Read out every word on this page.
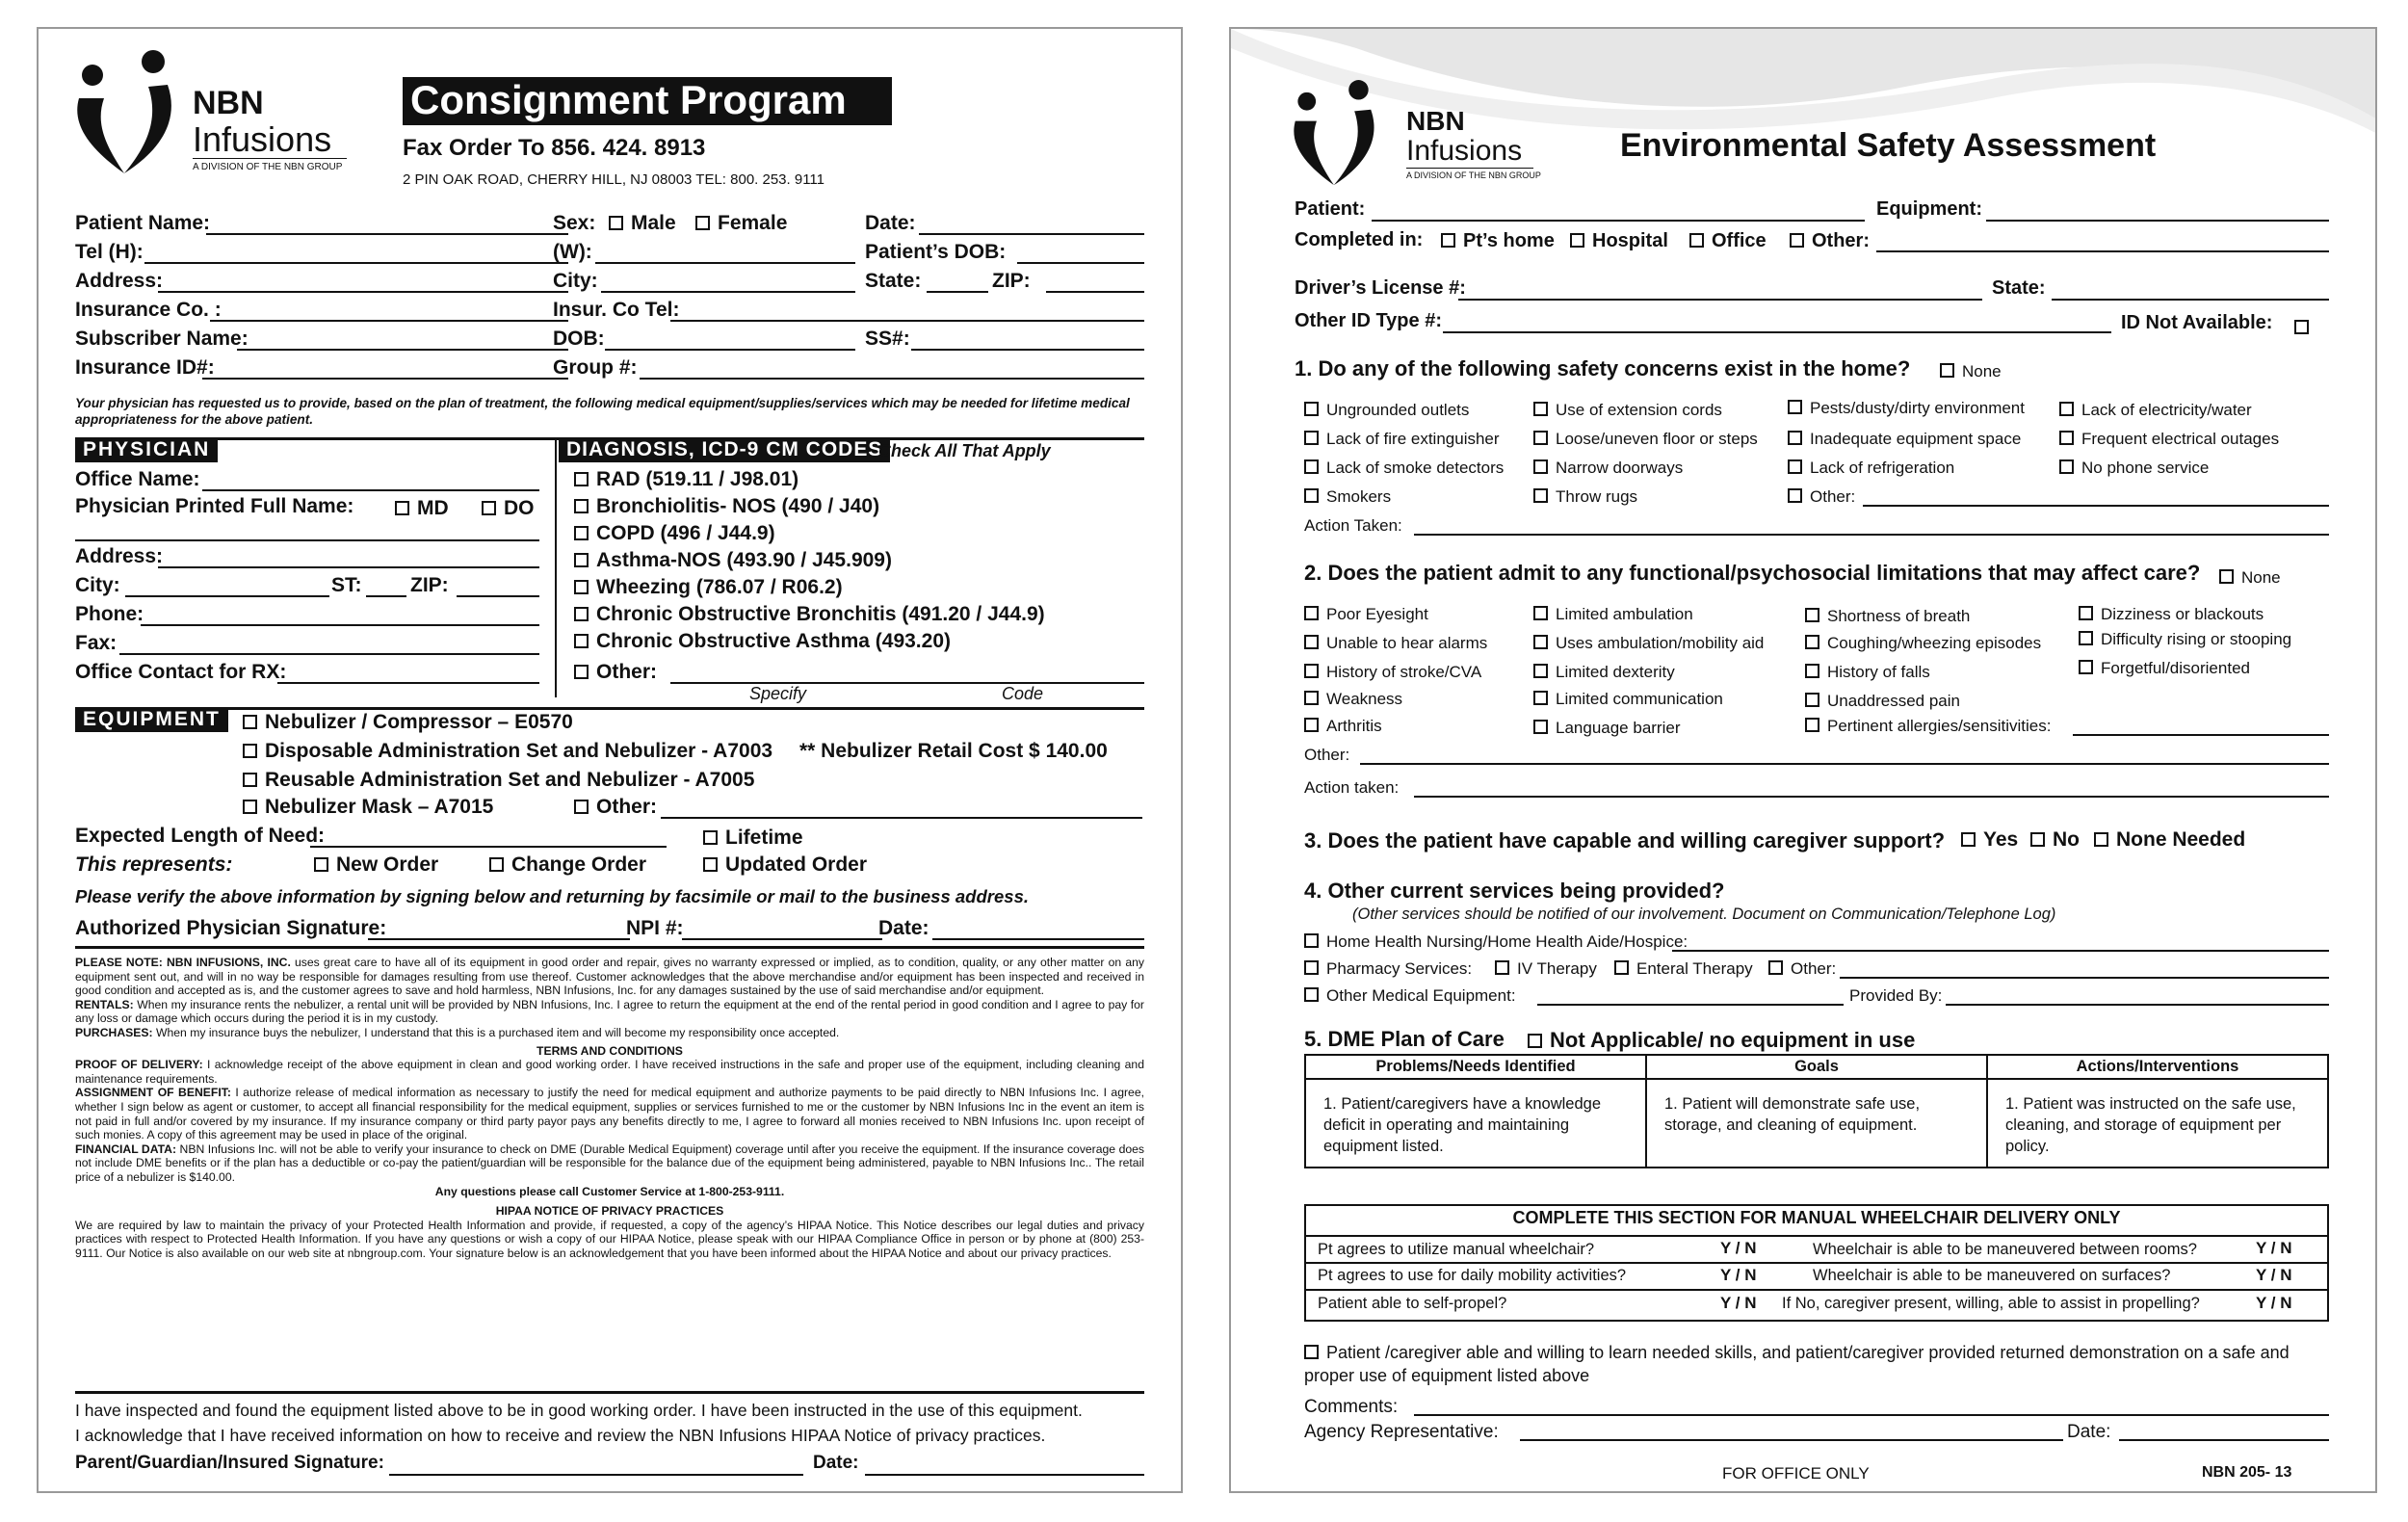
NBN
Infusions
A DIVISION OF THE NBN GROUP
Consignment Program
Fax Order To 856. 424. 8913
2 PIN OAK ROAD, CHERRY HILL, NJ 08003 TEL: 800. 253. 9111
Patient Name:	Sex:	Male	Female	Date:
Tel (H):	(W):	Patient’s DOB:
Address:	City:	State:	ZIP:
Insurance Co. :	Insur. Co Tel:
Subscriber Name:	DOB:	SS#:
Insurance ID#:	Group #:
Your physician has requested us to provide, based on the plan of treatment, the following medical equipment/supplies/services which may be needed for lifetime medical appropriateness for the above patient.
PHYSICIAN	DIAGNOSIS, ICD-9 CM CODES
Check All That Apply
Office Name:
Physician Printed Full Name:	MD	DO
Address:
City:	ST: ZIP:
Phone:
Fax:
Office Contact for RX:
RAD (519.11 / J98.01)
Bronchiolitis- NOS (490 / J40)
COPD (496 / J44.9)
Asthma-NOS (493.90 / J45.909)
Wheezing (786.07 / R06.2)
Chronic Obstructive Bronchitis (491.20 / J44.9)
Chronic Obstructive Asthma (493.20)
Other:
Specify	Code
EQUIPMENT	Nebulizer / Compressor – E0570
Disposable Administration Set and Nebulizer - A7003 ** Nebulizer Retail Cost $ 140.00
Reusable Administration Set and Nebulizer - A7005
Nebulizer Mask – A7015	Other:
Expected Length of Need:	Lifetime
This represents:	New Order	Change Order	Updated Order
Please verify the above information by signing below and returning by facsimile or mail to the business address.
Authorized Physician Signature:	NPI #:	Date:
PLEASE NOTE: NBN INFUSIONS, INC. uses great care to have all of its equipment in good order and repair, gives no warranty expressed or implied, as to condition, quality, or any other matter on any equipment sent out, and will in no way be responsible for damages resulting from use thereof. Customer acknowledges that the above merchandise and/or equipment has been inspected and received in good condition and accepted as is, and the customer agrees to save and hold harmless, NBN Infusions, Inc. for any damages sustained by the use of said merchandise and/or equipment.
RENTALS: When my insurance rents the nebulizer, a rental unit will be provided by NBN Infusions, Inc. I agree to return the equipment at the end of the rental period in good condition and I agree to pay for any loss or damage which occurs during the period it is in my custody.
PURCHASES: When my insurance buys the nebulizer, I understand that this is a purchased item and will become my responsibility once accepted.
TERMS AND CONDITIONS
PROOF OF DELIVERY: I acknowledge receipt of the above equipment in clean and good working order. I have received instructions in the safe and proper use of the equipment, including cleaning and maintenance requirements.
ASSIGNMENT OF BENEFIT: I authorize release of medical information as necessary to justify the need for medical equipment and authorize payments to be paid directly to NBN Infusions Inc. I agree, whether I sign below as agent or customer, to accept all financial responsibility for the medical equipment, supplies or services furnished to me or the customer by NBN Infusions Inc in the event an item is not paid in full and/or covered by my insurance. If my insurance company or third party payor pays any benefits directly to me, I agree to forward all monies received to NBN Infusions Inc. upon receipt of such monies. A copy of this agreement may be used in place of the original.
FINANCIAL DATA: NBN Infusions Inc. will not be able to verify your insurance to check on DME (Durable Medical Equipment) coverage until after you receive the equipment. If the insurance coverage does not include DME benefits or if the plan has a deductible or co-pay the patient/guardian will be responsible for the balance due of the equipment being administered, payable to NBN Infusions Inc.. The retail price of a nebulizer is $140.00.
Any questions please call Customer Service at 1-800-253-9111.
HIPAA NOTICE OF PRIVACY PRACTICES
We are required by law to maintain the privacy of your Protected Health Information and provide, if requested, a copy of the agency’s HIPAA Notice. This Notice describes our legal duties and privacy practices with respect to Protected Health Information. If you have any questions or wish a copy of our HIPAA Notice, please speak with our HIPAA Compliance Office in person or by phone at (800) 253-9111. Our Notice is also available on our web site at nbngroup.com. Your signature below is an acknowledgement that you have been informed about the HIPAA Notice and about our privacy practices.
I have inspected and found the equipment listed above to be in good working order. I have been instructed in the use of this equipment.
I acknowledge that I have received information on how to receive and review the NBN Infusions HIPAA Notice of privacy practices.
Parent/Guardian/Insured Signature:	Date:
NBN
Infusions
A DIVISION OF THE NBN GROUP
Environmental Safety Assessment
Patient:	Equipment:
Completed in:	Pt’s home	Hospital	Office	Other:
Driver’s License #:	State:
Other ID Type #:	ID Not Available:
1. Do any of the following safety concerns exist in the home?	None
Ungrounded outlets
Lack of fire extinguisher
Lack of smoke detectors
Smokers
Use of extension cords
Loose/uneven floor or steps
Narrow doorways
Throw rugs
Pests/dusty/dirty environment
Inadequate equipment space
Lack of refrigeration
Other:
Lack of electricity/water
Frequent electrical outages
No phone service
Action Taken:
2. Does the patient admit to any functional/psychosocial limitations that may affect care?	None
Poor Eyesight
Unable to hear alarms
History of stroke/CVA
Weakness
Arthritis
Limited ambulation
Uses ambulation/mobility aid
Limited dexterity
Limited communication
Language barrier
Shortness of breath
Coughing/wheezing episodes
History of falls
Unaddressed pain
Pertinent allergies/sensitivities:
Dizziness or blackouts
Difficulty rising or stooping
Forgetful/disoriented
Other:
Action taken:
3. Does the patient have capable and willing caregiver support?	Yes	No	None Needed
4. Other current services being provided?
(Other services should be notified of our involvement. Document on Communication/Telephone Log)
Home Health Nursing/Home Health Aide/Hospice:
Pharmacy Services:	IV Therapy	Enteral Therapy	Other:
Other Medical Equipment:	Provided By:
5. DME Plan of Care	Not Applicable/ no equipment in use
Problems/Needs Identified	Goals	Actions/Interventions
1. Patient/caregivers have a knowledge deficit in operating and maintaining equipment listed.	1. Patient will demonstrate safe use, storage, and cleaning of equipment.	1. Patient was instructed on the safe use, cleaning, and storage of equipment per policy.
COMPLETE THIS SECTION FOR MANUAL WHEELCHAIR DELIVERY ONLY
Pt agrees to utilize manual wheelchair?	Y / N	Wheelchair is able to be maneuvered between rooms?	Y / N
Pt agrees to use for daily mobility activities?	Y / N	Wheelchair is able to be maneuvered on surfaces?	Y / N
Patient able to self-propel?	Y / N If No, caregiver present, willing, able to assist in propelling?	Y / N
Patient /caregiver able and willing to learn needed skills, and patient/caregiver provided returned demonstration on a safe and proper use of equipment listed above
Comments:
Agency Representative:	Date:
FOR OFFICE ONLY	NBN 205- 13
